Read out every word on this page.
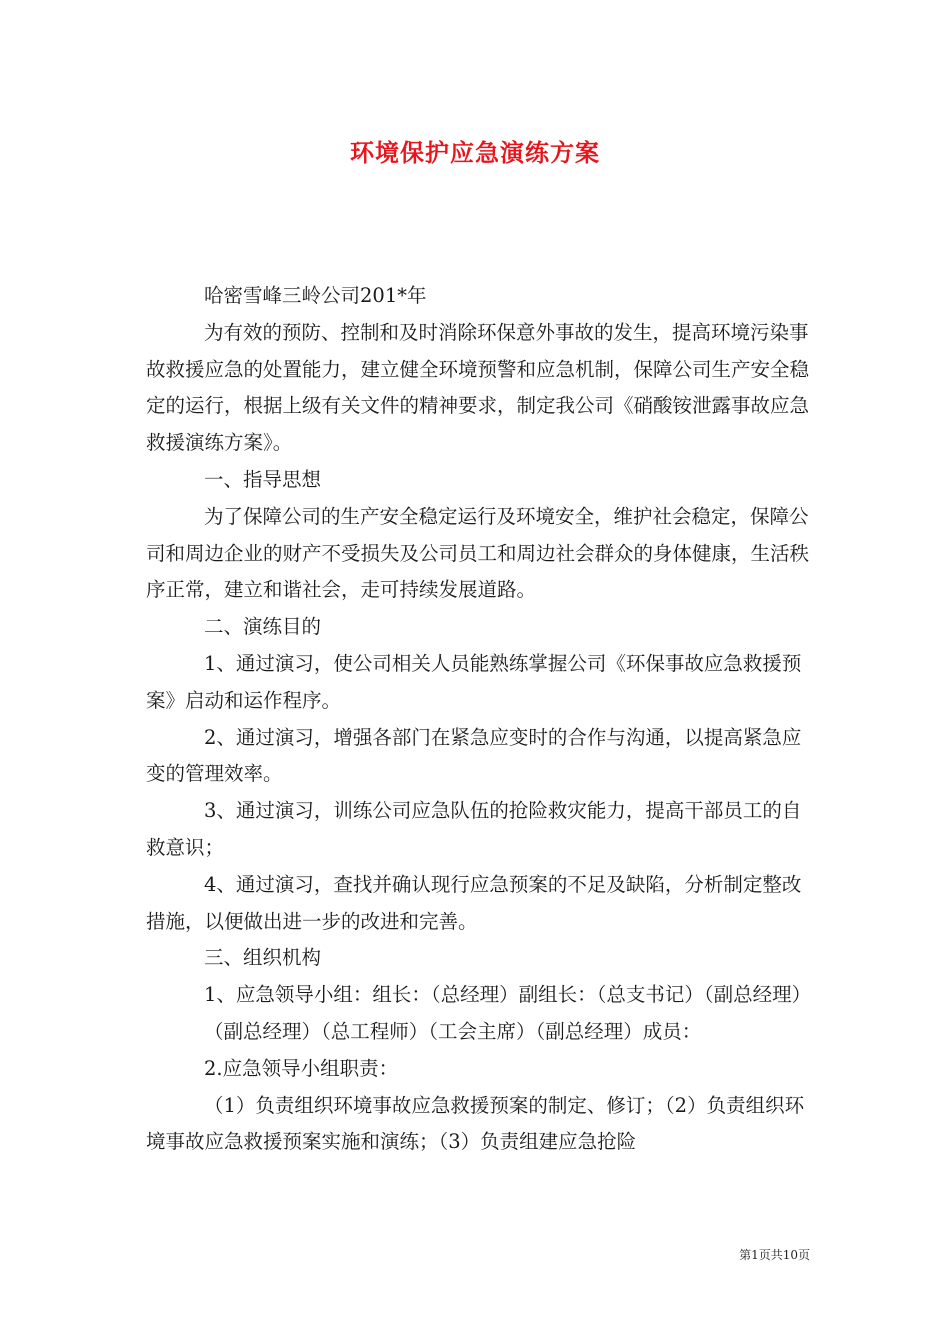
环境保护应急演练方案

哈密雪峰三岭公司201*年

为有效的预防、控制和及时消除环保意外事故的发生，提高环境污染事故救援应急的处置能力，建立健全环境预警和应急机制，保障公司生产安全稳定的运行，根据上级有关文件的精神要求，制定我公司《硝酸铵泄露事故应急救援演练方案》。

一、指导思想

为了保障公司的生产安全稳定运行及环境安全，维护社会稳定，保障公司和周边企业的财产不受损失及公司员工和周边社会群众的身体健康，生活秩序正常，建立和谐社会，走可持续发展道路。

二、演练目的

1、通过演习，使公司相关人员能熟练掌握公司《环保事故应急救援预案》启动和运作程序。

2、通过演习，增强各部门在紧急应变时的合作与沟通，以提高紧急应变的管理效率。

3、通过演习，训练公司应急队伍的抢险救灾能力，提高干部员工的自救意识；

4、通过演习，查找并确认现行应急预案的不足及缺陷，分析制定整改措施，以便做出进一步的改进和完善。

三、组织机构

1、应急领导小组：组长：（总经理）副组长：（总支书记）（副总经理）

（副总经理）（总工程师）（工会主席）（副总经理）成员：

2.应急领导小组职责：

（1）负责组织环境事故应急救援预案的制定、修订；（2）负责组织环境事故应急救援预案实施和演练；（3）负责组建应急抢险

第1页共10页
